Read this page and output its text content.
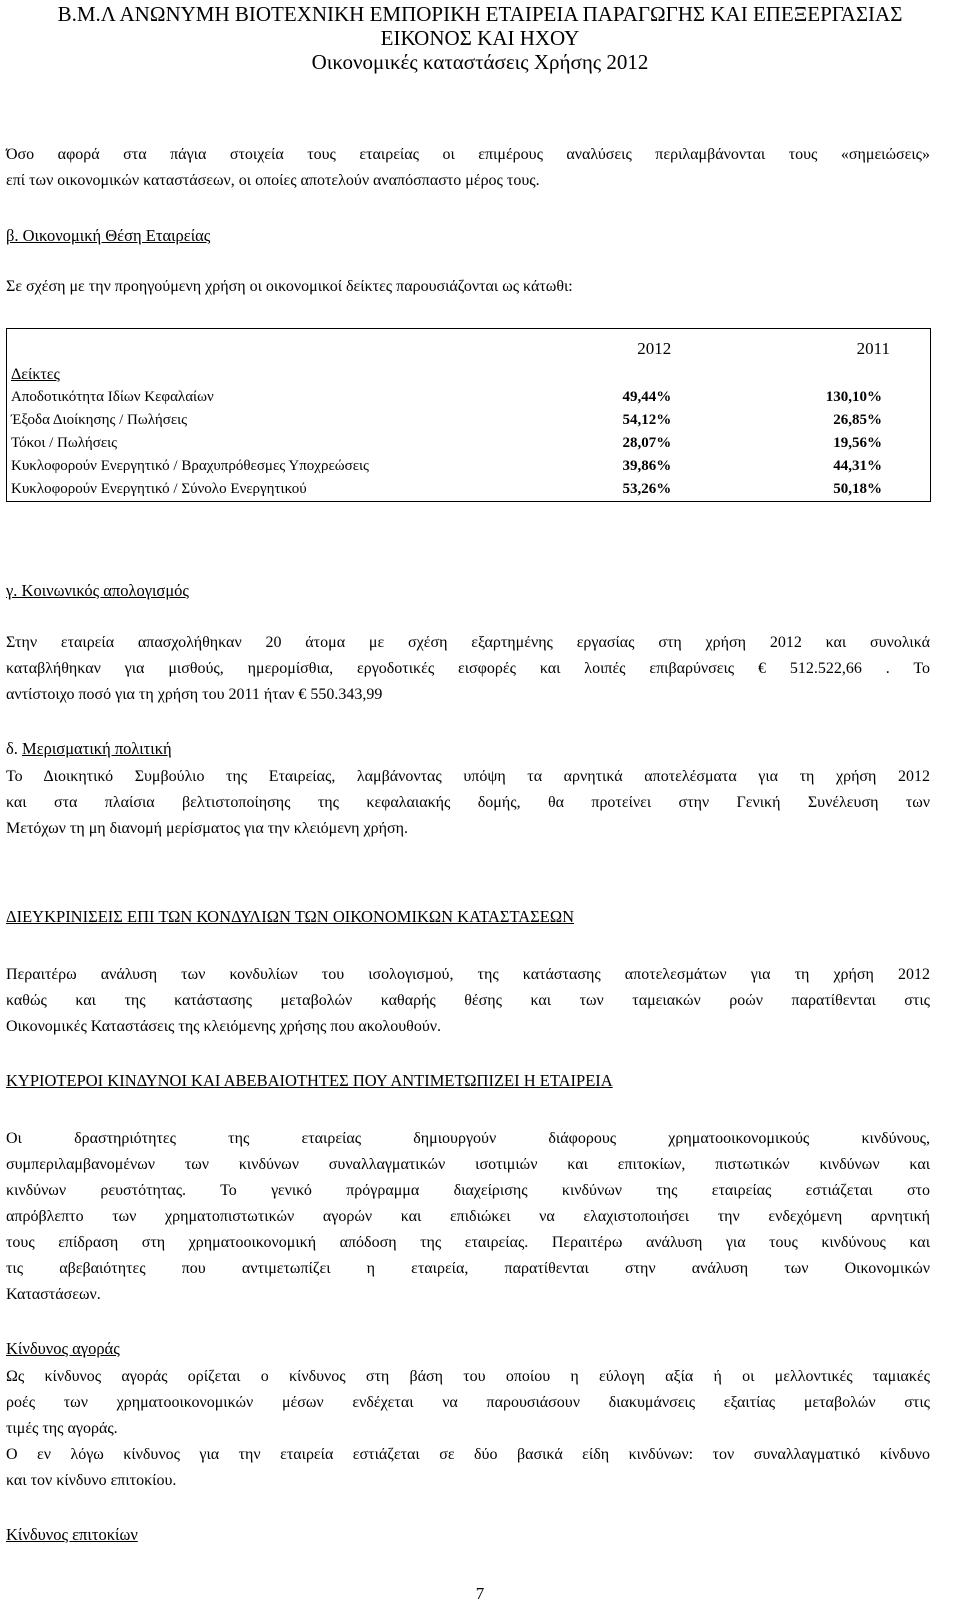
Β.Μ.Λ ΑΝΩΝΥΜΗ ΒΙΟΤΕΧΝΙΚΗ ΕΜΠΟΡΙΚΗ ΕΤΑΙΡΕΙΑ ΠΑΡΑΓΩΓΗΣ ΚΑΙ ΕΠΕΞΕΡΓΑΣΙΑΣ
ΕΙΚΟΝΟΣ ΚΑΙ ΗΧΟΥ
Οικονομικές καταστάσεις Χρήσης 2012

Όσο αφορά στα πάγια στοιχεία τους εταιρείας οι επιμέρους αναλύσεις περιλαμβάνονται τους «σημειώσεις»

επί των οικονομικών καταστάσεων, οι οποίες αποτελούν αναπόσπαστο μέρος τους.

β. Οικονομική Θέση Εταιρείας

Σε σχέση με την προηγούμενη χρήση οι οικονομικοί δείκτες παρουσιάζονται ως κάτωθι:

	2012	2011
Δείκτες		
Αποδοτικότητα Ιδίων Κεφαλαίων	49,44%	130,10%
Έξοδα Διοίκησης / Πωλήσεις	54,12%	26,85%
Τόκοι / Πωλήσεις	28,07%	19,56%
Κυκλοφορούν Ενεργητικό / Βραχυπρόθεσμες Υποχρεώσεις	39,86%	44,31%
Κυκλοφορούν Ενεργητικό / Σύνολο Ενεργητικού	53,26%	50,18%
γ. Κοινωνικός απολογισμός

Στην εταιρεία απασχολήθηκαν 20 άτομα με σχέση εξαρτημένης εργασίας στη χρήση 2012 και συνολικά

καταβλήθηκαν για μισθούς, ημερομίσθια, εργοδοτικές εισφορές και λοιπές επιβαρύνσεις € 512.522,66 . Το

αντίστοιχο ποσό για τη χρήση του 2011 ήταν € 550.343,99

δ. Μερισματική πολιτική

Το Διοικητικό Συμβούλιο της Εταιρείας, λαμβάνοντας υπόψη τα αρνητικά αποτελέσματα για τη χρήση 2012

και στα πλαίσια βελτιστοποίησης της κεφαλαιακής δομής, θα προτείνει στην Γενική Συνέλευση των

Μετόχων τη μη διανομή μερίσματος για την κλειόμενη χρήση.

ΔΙΕΥΚΡΙΝΙΣΕΙΣ ΕΠΙ ΤΩΝ ΚΟΝΔΥΛΙΩΝ ΤΩΝ ΟΙΚΟΝΟΜΙΚΩΝ ΚΑΤΑΣΤΑΣΕΩΝ

Περαιτέρω ανάλυση των κονδυλίων του ισολογισμού, της κατάστασης αποτελεσμάτων για τη χρήση 2012

καθώς και της κατάστασης μεταβολών καθαρής θέσης και των ταμειακών ροών παρατίθενται στις

Οικονομικές Καταστάσεις της κλειόμενης χρήσης που ακολουθούν.

ΚΥΡΙΟΤΕΡΟΙ ΚΙΝΔΥΝΟΙ ΚΑΙ ΑΒΕΒΑΙΟΤΗΤΕΣ ΠΟΥ ΑΝΤΙΜΕΤΩΠΙΖΕΙ Η ΕΤΑΙΡΕΙΑ

Οι δραστηριότητες της εταιρείας δημιουργούν διάφορους χρηματοοικονομικούς κινδύνους,

συμπεριλαμβανομένων των κινδύνων συναλλαγματικών ισοτιμιών και επιτοκίων, πιστωτικών κινδύνων και

κινδύνων ρευστότητας. Το γενικό πρόγραμμα διαχείρισης κινδύνων της εταιρείας εστιάζεται στο

απρόβλεπτο των χρηματοπιστωτικών αγορών και επιδιώκει να ελαχιστοποιήσει την ενδεχόμενη αρνητική

τους επίδραση στη χρηματοοικονομική απόδοση της εταιρείας. Περαιτέρω ανάλυση για τους κινδύνους και

τις αβεβαιότητες που αντιμετωπίζει η εταιρεία, παρατίθενται στην ανάλυση των Οικονομικών

Καταστάσεων.

Κίνδυνος αγοράς

Ως κίνδυνος αγοράς ορίζεται ο κίνδυνος στη βάση του οποίου η εύλογη αξία ή οι μελλοντικές ταμιακές

ροές των χρηματοοικονομικών μέσων ενδέχεται να παρουσιάσουν διακυμάνσεις εξαιτίας μεταβολών στις

τιμές της αγοράς.

Ο εν λόγω κίνδυνος για την εταιρεία εστιάζεται σε δύο βασικά είδη κινδύνων: τον συναλλαγματικό κίνδυνο

και τον κίνδυνο επιτοκίου.

Κίνδυνος επιτοκίων
7
